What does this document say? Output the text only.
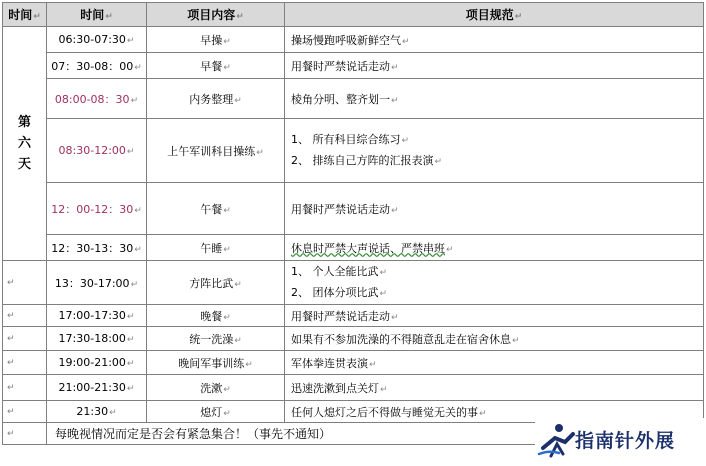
时间↵	时间↵	项目内容↵	项目规范↵

第
六
天	06:30-07:30↵	早操↵	操场慢跑呼吸新鲜空气↵
	07：30-08：00↵	早餐↵	用餐时严禁说话走动↵
	08:00-08：30↵	内务整理↵	棱角分明、整齐划一↵
	08:30-12:00↵	上午军训科目操练↵	1、 所有科目综合练习↵
2、 排练自己方阵的汇报表演↵

	12：00-12：30↵	午餐↵	用餐时严禁说话走动↵
	12：30-13：30↵	午睡↵	休息时严禁大声说话、严禁串班↵
↵	13：30-17:00↵	方阵比武↵	1、 个人全能比武↵
2、 团体分项比武↵

↵	17:00-17:30↵	晚餐↵	用餐时严禁说话走动↵
↵	17:30-18:00↵	统一洗澡↵	如果有不参加洗澡的不得随意乱走在宿舍休息↵
↵	19:00-21:00↵	晚间军事训练↵	军体拳连贯表演↵
↵	21:00-21:30↵	洗漱↵	迅速洗漱到点关灯↵
↵	21:30↵	熄灯↵	任何人熄灯之后不得做与睡觉无关的事↵
↵	每晚视情况而定是否会有紧急集合！（事先不通知）			指南针外展
